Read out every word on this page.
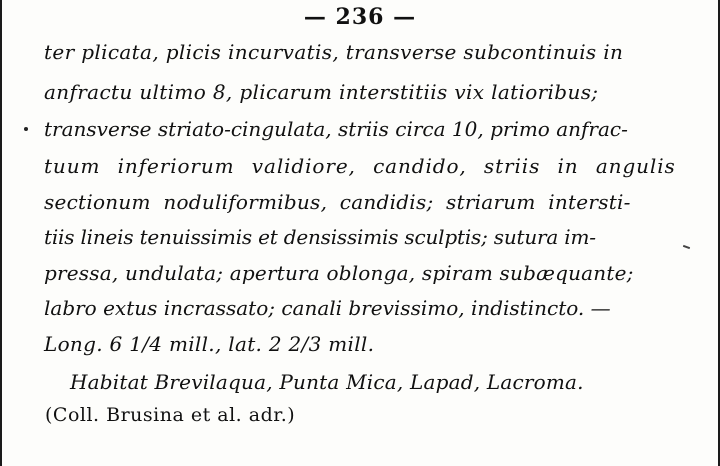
— 236 —
ter plicata, plicis incurvatis, transverse subcontinuis in
anfractu ultimo 8, plicarum interstitiis vix latioribus;
transverse striato-cingulata, striis circa 10, primo anfrac-
tuum inferiorum validiore, candido, striis in angulis
sectionum noduliformibus, candidis; striarum intersti-
tiis lineis tenuissimis et densissimis sculptis; sutura im-
pressa, undulata; apertura oblonga, spiram subæquante;
labro extus incrassato; canali brevissimo, indistincto. —
Long. 6 1/4 mill., lat. 2 2/3 mill.
Habitat Brevilaqua, Punta Mica, Lapad, Lacroma.
(Coll. Brusina et al. adr.)
